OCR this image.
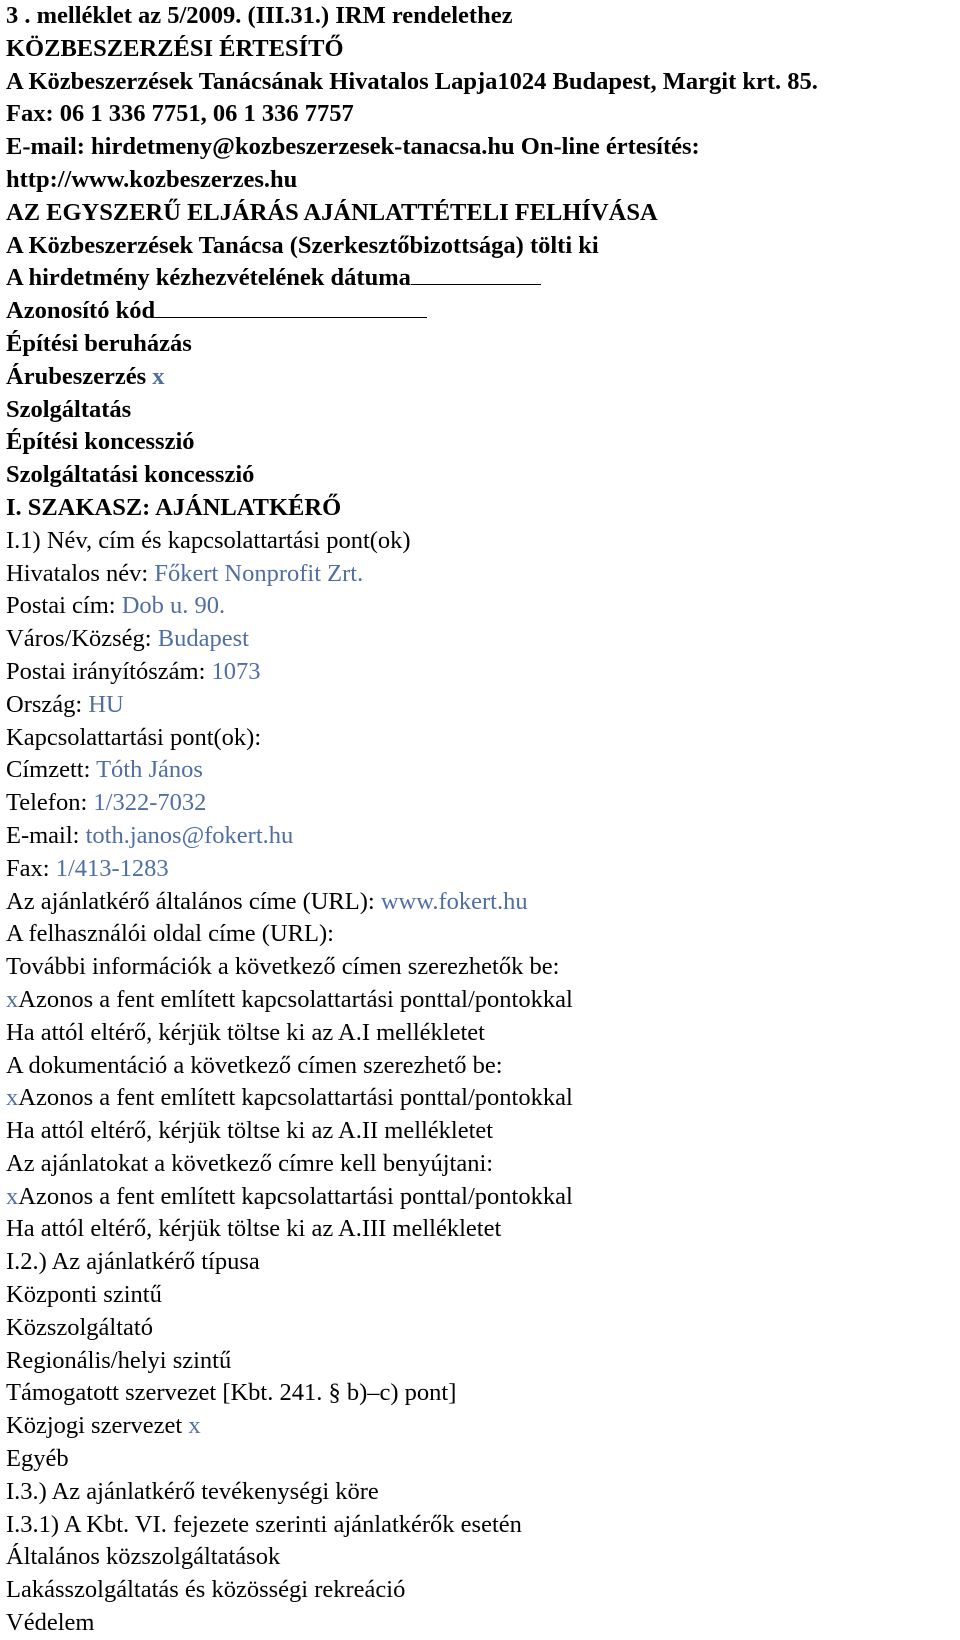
3 . melléklet az 5/2009. (III.31.) IRM rendelethez
KÖZBESZERZÉSI ÉRTESÍTŐ
A Közbeszerzések Tanácsának Hivatalos Lapja1024 Budapest, Margit krt. 85.
Fax: 06 1 336 7751, 06 1 336 7757
E-mail: hirdetmeny@kozbeszerzesek-tanacsa.hu On-line értesítés:
http://www.kozbeszerzes.hu
AZ EGYSZERŰ ELJÁRÁS AJÁNLATTÉTELI FELHÍVÁSA
A Közbeszerzések Tanácsa (Szerkesztőbizottsága) tölti ki
A hirdetmény kézhezvételének dátuma
Azonosító kód
Építési beruházás
Árubeszerzés x
Szolgáltatás
Építési koncesszió
Szolgáltatási koncesszió
I. SZAKASZ: AJÁNLATKÉRŐ
I.1) Név, cím és kapcsolattartási pont(ok)
Hivatalos név: Főkert Nonprofit Zrt.
Postai cím: Dob u. 90.
Város/Község: Budapest
Postai irányítószám: 1073
Ország: HU
Kapcsolattartási pont(ok):
Címzett: Tóth János
Telefon: 1/322-7032
E-mail: toth.janos@fokert.hu
Fax: 1/413-1283
Az ajánlatkérő általános címe (URL): www.fokert.hu
A felhasználói oldal címe (URL):
További információk a következő címen szerezhetők be:
xAzonos a fent említett kapcsolattartási ponttal/pontokkal
Ha attól eltérő, kérjük töltse ki az A.I mellékletet
A dokumentáció a következő címen szerezhető be:
xAzonos a fent említett kapcsolattartási ponttal/pontokkal
Ha attól eltérő, kérjük töltse ki az A.II mellékletet
Az ajánlatokat a következő címre kell benyújtani:
xAzonos a fent említett kapcsolattartási ponttal/pontokkal
Ha attól eltérő, kérjük töltse ki az A.III mellékletet
I.2.) Az ajánlatkérő típusa
Központi szintű
Közszolgáltató
Regionális/helyi szintű
Támogatott szervezet [Kbt. 241. § b)–c) pont]
Közjogi szervezet x
Egyéb
I.3.) Az ajánlatkérő tevékenységi köre
I.3.1) A Kbt. VI. fejezete szerinti ajánlatkérők esetén
Általános közszolgáltatások
Lakásszolgáltatás és közösségi rekreáció
Védelem
